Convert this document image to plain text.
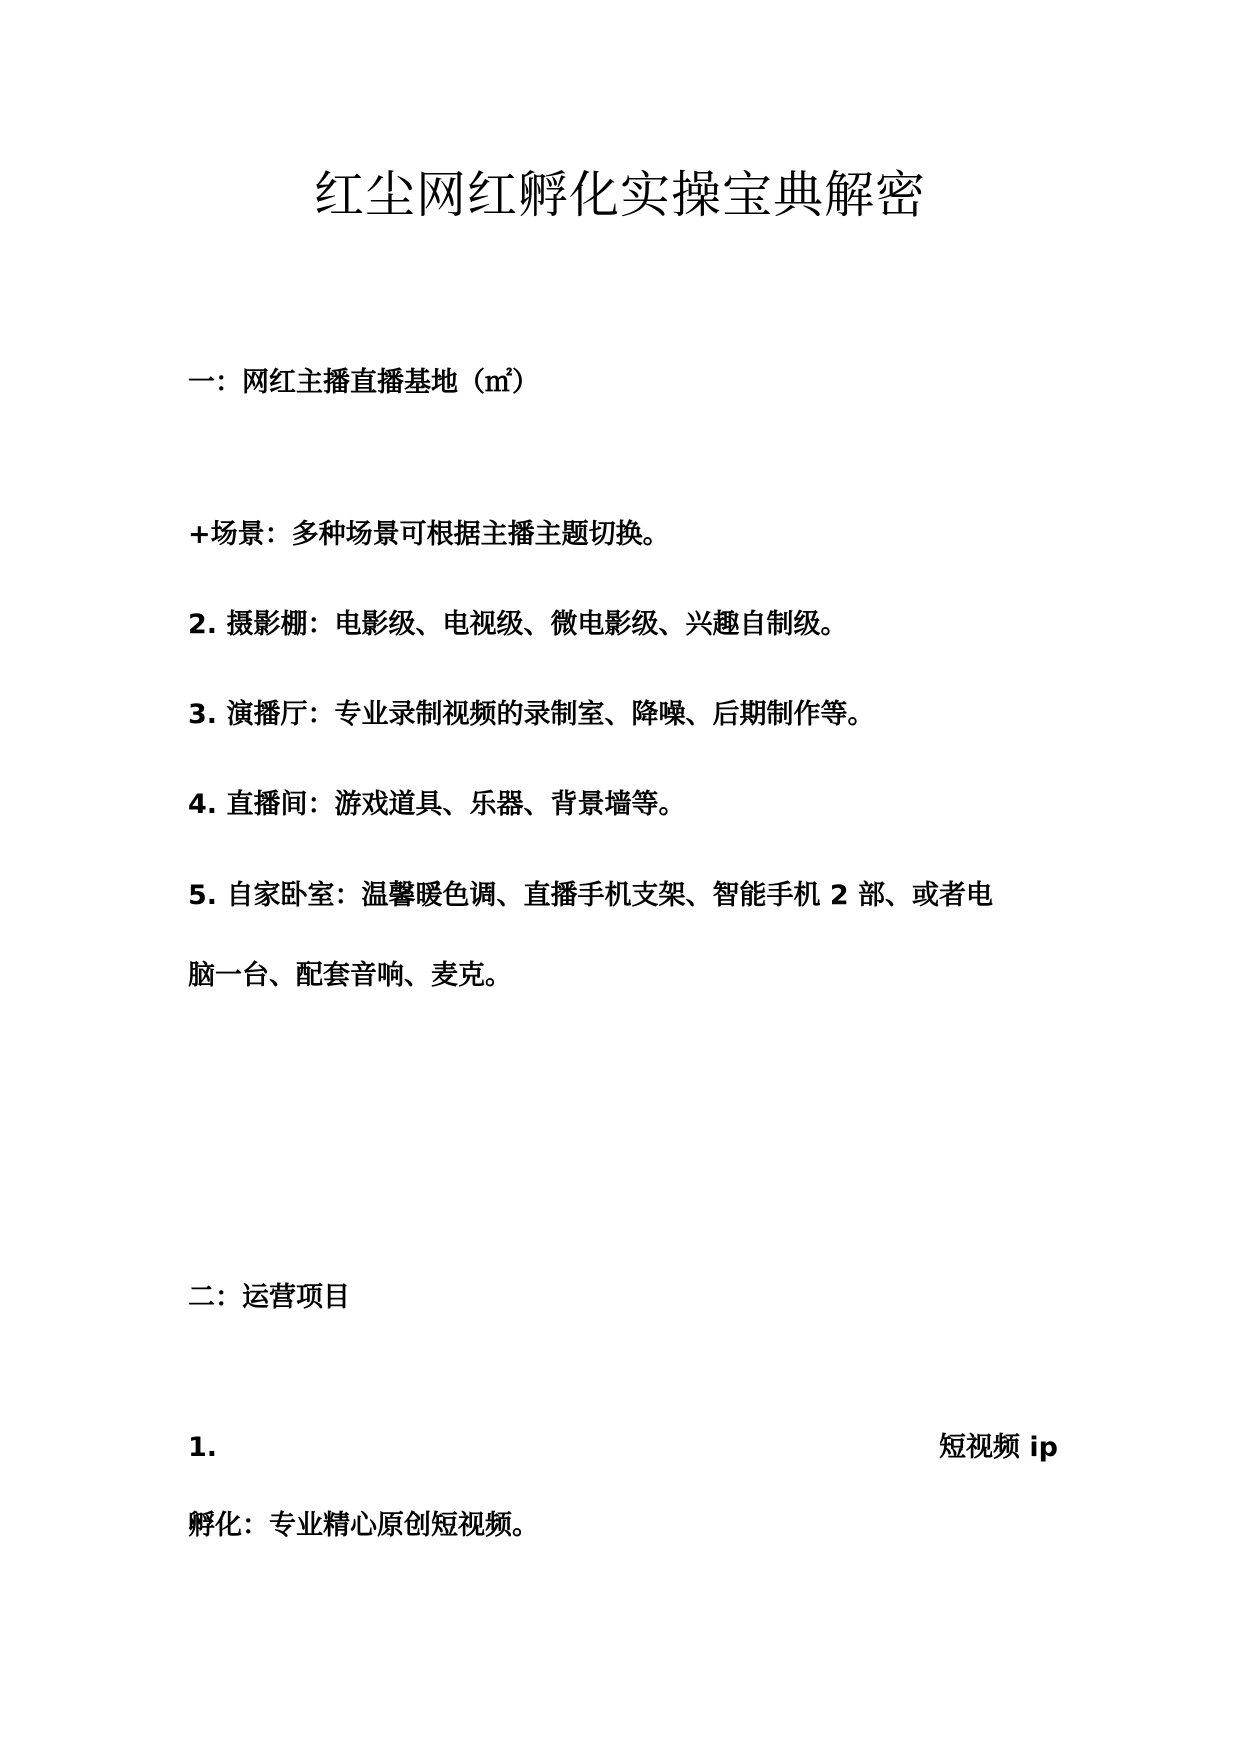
红尘网红孵化实操宝典解密
一：网红主播直播基地（㎡）
+场景：多种场景可根据主播主题切换。
2. 摄影棚：电影级、电视级、微电影级、兴趣自制级。
3. 演播厅：专业录制视频的录制室、降噪、后期制作等。
4. 直播间：游戏道具、乐器、背景墙等。
5. 自家卧室：温馨暖色调、直播手机支架、智能手机 2 部、或者电
脑一台、配套音响、麦克。
二：运营项目
1.	短视频 ip
孵化：专业精心原创短视频。
